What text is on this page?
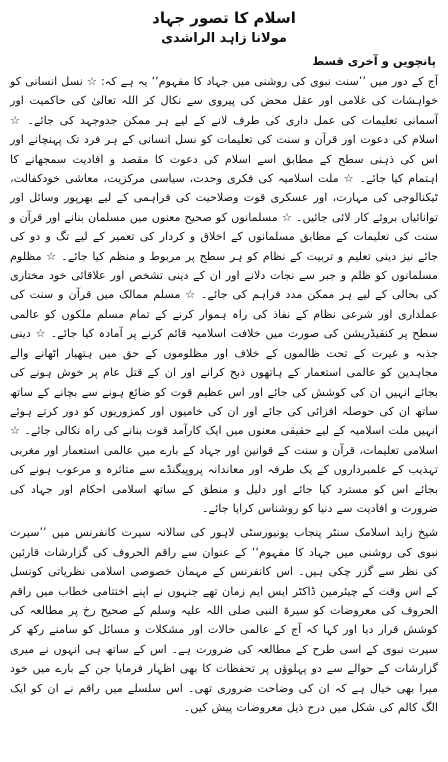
اسلام کا تصور جہاد
مولانا زاہد الراشدی
پانچویں و آخری قسط

آج کے دور میں ’’سنت نبوی کی روشنی میں جہاد کا مفہوم‘‘ یہ ہے کہ: ☆ نسل انسانی کو خواہشات کی غلامی اور عقل محض کی پیروی سے نکال کر اللہ تعالیٰ کی حاکمیت اور آسمانی تعلیمات کی عمل داری کی طرف لانے کے لیے ہر ممکن جدوجہد کی جائے۔ ☆ اسلام کی دعوت اور قرآن و سنت کی تعلیمات کو نسل انسانی کے ہر فرد تک پہنچانے اور اس کی ذہنی سطح کے مطابق اسے اسلام کی دعوت کا مقصد و افادیت سمجھانے کا اہتمام کیا جائے۔ ☆ ملت اسلامیہ کی فکری وحدت، سیاسی مرکزیت، معاشی خودکفالت، ٹیکنالوجی کی مہارت، اور عسکری قوت وصلاحیت کی فراہمی کے لیے بھرپور وسائل اور توانائیاں بروئے کار لائی جائیں۔ ☆ مسلمانوں کو صحیح معنوں میں مسلمان بنانے اور قرآن و سنت کی تعلیمات کے مطابق مسلمانوں کے اخلاق و کردار کی تعمیر کے لیے تگ و دو کی جائے نیز دینی تعلیم و تربیت کے نظام کو ہر سطح پر مربوط و منظم کیا جائے۔ ☆ مظلوم مسلمانوں کو ظلم و جبر سے نجات دلانے اور ان کے دینی تشخص اور علاقائی خود مختاری کی بحالی کے لیے ہر ممکن مدد فراہم کی جائے۔ ☆ مسلم ممالک میں قرآن و سنت کی عملداری اور شرعی نظام کے نفاذ کی راہ ہموار کرنے کے تمام مسلم ملکوں کو عالمی سطح پر کنفیڈریشن کی صورت میں خلافت اسلامیہ قائم کرنے پر آمادہ کیا جائے۔ ☆ دینی جذبہ و غیرت کے تحت ظالموں کے خلاف اور مظلوموں کے حق میں ہتھیار اٹھانے والے مجاہدین کو عالمی استعمار کے ہاتھوں ذبح کرانے اور ان کے قتل عام پر خوش ہونے کی بجائے انہیں ان کی کوشش کی جائے اور اس عظیم قوت کو ضائع ہونے سے بچانے کے ساتھ ساتھ ان کی حوصلہ افزائی کی جائے اور ان کی خامیوں اور کمزوریوں کو دور کرتے ہوئے انہیں ملت اسلامیہ کے لیے حقیقی معنوں میں ایک کارآمد قوت بنانے کی راہ نکالی جائے۔ ☆ اسلامی تعلیمات، قرآن و سنت کے قوانین اور جہاد کے بارے میں عالمی استعمار اور مغربی تہذیب کے علمبرداروں کے یک طرفہ اور معاندانہ پروپیگنڈے سے متاثرہ و مرعوب ہونے کی بجائے اس کو مسترد کیا جائے اور دلیل و منطق کے ساتھ اسلامی احکام اور جہاد کی ضرورت و افادیت سے دنیا کو روشناس کرایا جائے۔

شیخ زاید اسلامک سنٹر پنجاب یونیورسٹی لاہور کی سالانہ سیرت کانفرنس میں ’’سیرت نبوی کی روشنی میں جہاد کا مفہوم‘‘ کے عنوان سے راقم الحروف کی گزارشات قارئین کی نظر سے گزر چکی ہیں۔ اس کانفرنس کے مہمان خصوصی اسلامی نظریاتی کونسل کے اس وقت کے چیئرمین ڈاکٹر ایس ایم زمان تھے جنہوں نے اپنے اختتامی خطاب میں راقم الحروف کی معروضات کو سیرۃ النبی صلی اللہ علیہ وسلم کے صحیح رخ پر مطالعہ کی کوشش قرار دیا اور کہا کہ آج کے عالمی حالات اور مشکلات و مسائل کو سامنے رکھ کر سیرت نبوی کے اسی طرح کے مطالعہ کی ضرورت ہے۔ اس کے ساتھ ہی انہوں نے میری گزارشات کے حوالے سے دو پہلوؤں پر تحفظات کا بھی اظہار فرمایا جن کے بارے میں خود میرا بھی خیال ہے کہ ان کی وضاحت ضروری تھی۔ اس سلسلے میں راقم نے ان کو ایک الگ کالم کی شکل میں درج ذیل معروضات پیش کیں۔
